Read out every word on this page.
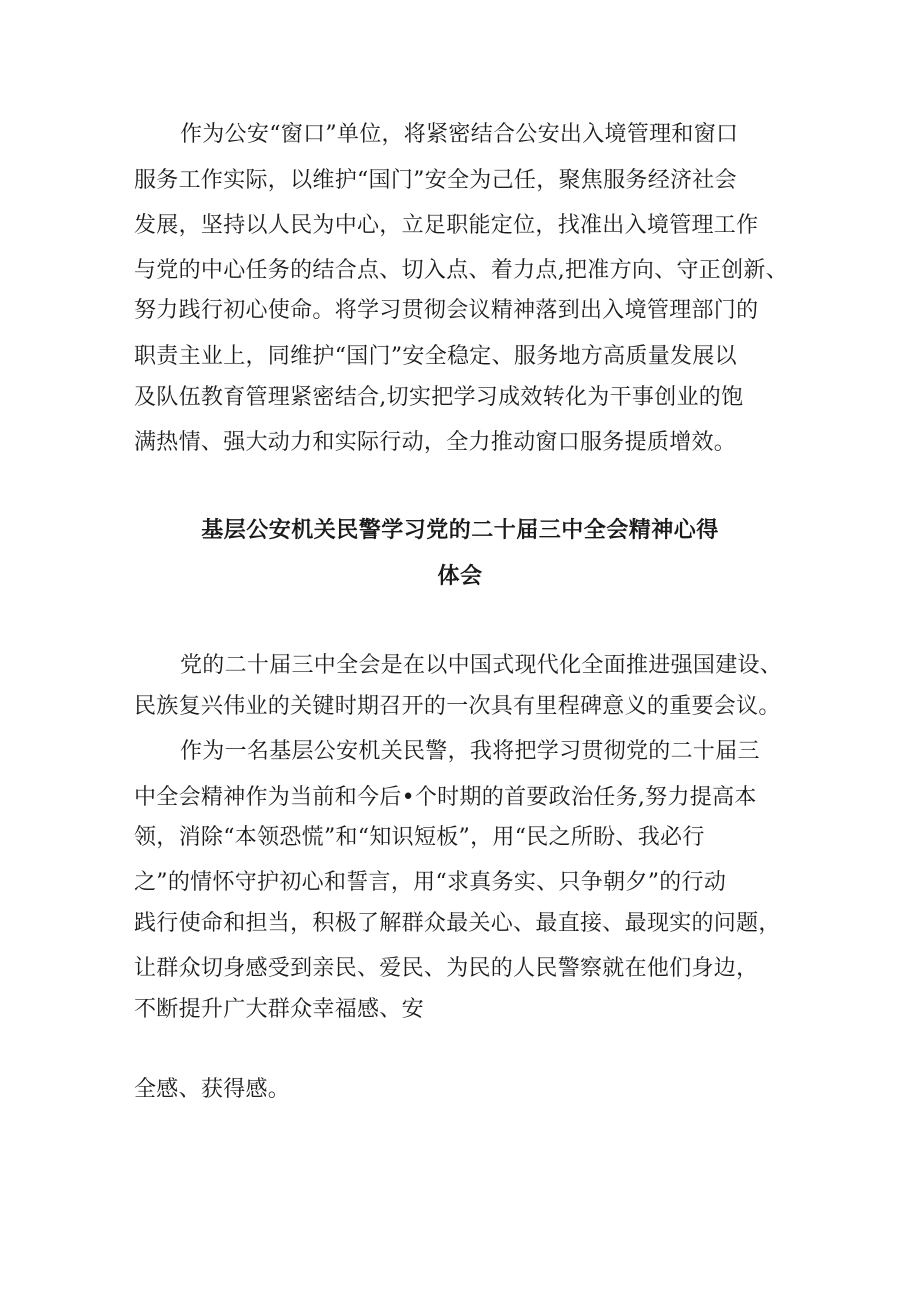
作为公安“窗口”单位，将紧密结合公安出入境管理和窗口
服务工作实际，以维护“国门”安全为己任，聚焦服务经济社会
发展，坚持以人民为中心，立足职能定位，找准出入境管理工作
与党的中心任务的结合点、切入点、着力点,把准方向、守正创新、
努力践行初心使命。将学习贯彻会议精神落到出入境管理部门的
职责主业上，同维护“国门”安全稳定、服务地方高质量发展以
及队伍教育管理紧密结合,切实把学习成效转化为干事创业的饱
满热情、强大动力和实际行动，全力推动窗口服务提质增效。
基层公安机关民警学习党的二十届三中全会精神心得
体会
党的二十届三中全会是在以中国式现代化全面推进强国建设、
民族复兴伟业的关键时期召开的一次具有里程碑意义的重要会议。
作为一名基层公安机关民警，我将把学习贯彻党的二十届三
中全会精神作为当前和今后•个时期的首要政治任务,努力提高本
领，消除“本领恐慌”和“知识短板”，用“民之所盼、我必行
之”的情怀守护初心和誓言，用“求真务实、只争朝夕”的行动
践行使命和担当，积极了解群众最关心、最直接、最现实的问题，
让群众切身感受到亲民、爱民、为民的人民警察就在他们身边，
不断提升广大群众幸福感、安
全感、获得感。
